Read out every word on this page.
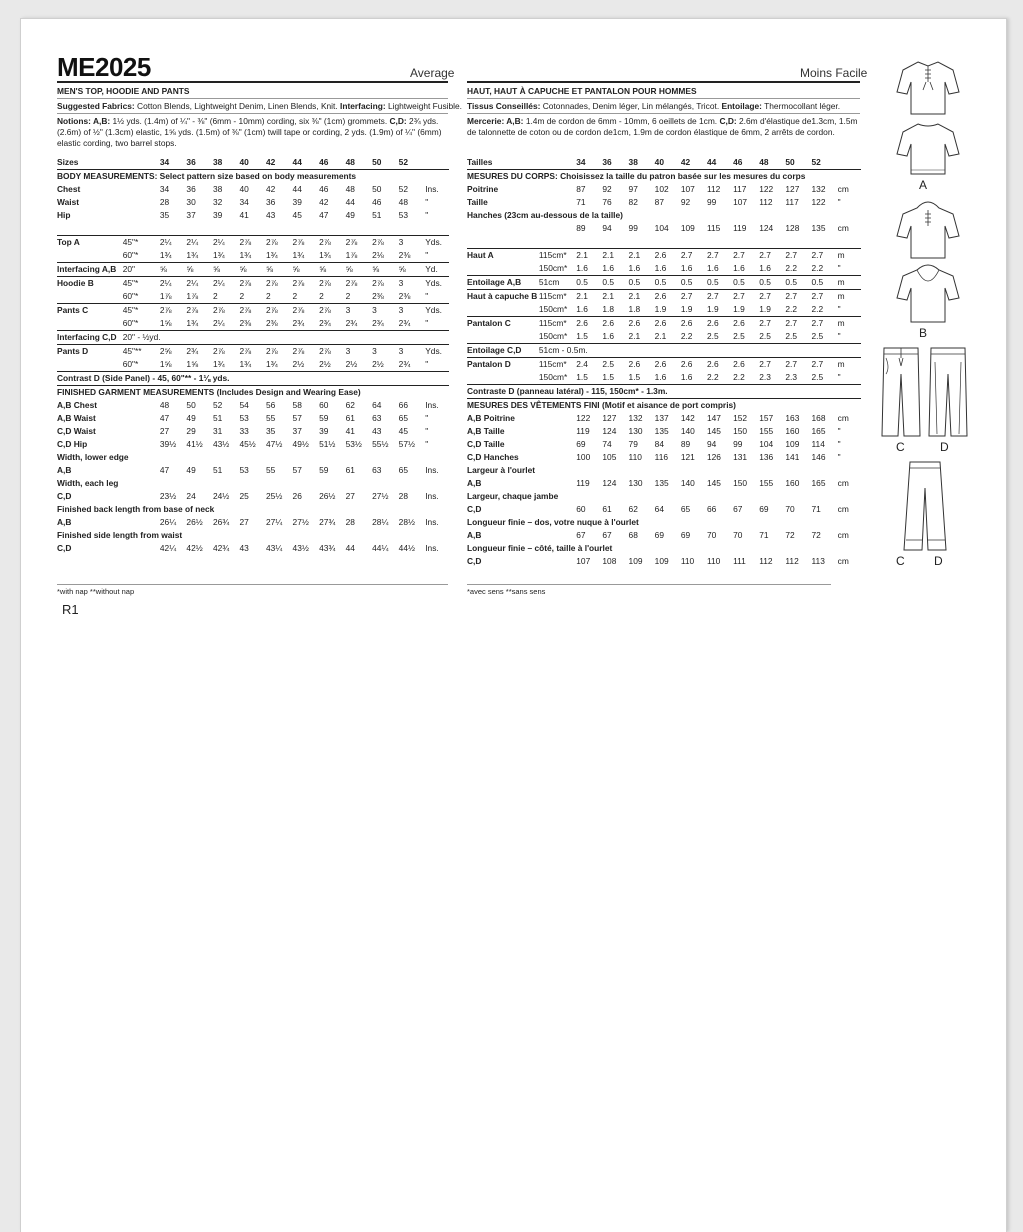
ME2025	Average	Moins Facile
MEN'S TOP, HOODIE AND PANTS
Suggested Fabrics: Cotton Blends, Lightweight Denim, Linen Blends, Knit. Interfacing: Lightweight Fusible.
Notions: A,B: 1½ yds. (1.4m) of ¼" - ⅜" (6mm - 10mm) cording, six ⅜" (1cm) grommets. C,D: 2¾ yds. (2.6m) of ½" (1.3cm) elastic, 1⅝ yds. (1.5m) of ⅜" (1cm) twill tape or cording, 2 yds. (1.9m) of ¼" (6mm) elastic cording, two barrel stops.
HAUT, HAUT À CAPUCHE ET PANTALON POUR HOMMES
Tissus Conseillés: Cotonnades, Denim léger, Lin mélangés, Tricot. Entoilage: Thermocollant léger.
Mercerie: A,B: 1.4m de cordon de 6mm - 10mm, 6 oeillets de 1cm. C,D: 2.6m d'élastique de1.3cm, 1.5m de talonnette de coton ou de cordon de1cm, 1.9m de cordon élastique de 6mm, 2 arrêts de cordon.
Sizes		34	36	38	40	42	44	46	48	50	52	
BODY MEASUREMENTS: Select pattern size based on body measurements												
Chest		34	36	38	40	42	44	46	48	50	52	Ins.
Waist		28	30	32	34	36	39	42	44	46	48	"
Hip		35	37	39	41	43	45	47	49	51	53	"

Top A	45"*	2¼	2¼	2¼	2⅞	2⅞	2⅞	2⅞	2⅞	2⅞	3	Yds.
	60"*	1¾	1¾	1¾	1¾	1¾	1¾	1¾	1⅞	2⅛	2⅜	"
Interfacing A,B	20"	⅝	⅝	⅝	⅝	⅝	⅝	⅝	⅝	⅝	⅝	Yd.
Hoodie B	45"*	2¼	2¼	2¼	2⅞	2⅞	2⅞	2⅞	2⅞	2⅞	3	Yds.
	60"*	1⅞	1⅞	2	2	2	2	2	2	2⅜	2⅜	"
Pants C	45"*	2⅞	2⅞	2⅞	2⅞	2⅞	2⅞	2⅞	3	3	3	Yds.
	60"*	1⅝	1¾	2¼	2⅜	2⅜	2¾	2¾	2¾	2¾	2¾	"
Interfacing C,D	20" - ½yd.											
Pants D	45"**	2⅝	2¾	2⅞	2⅞	2⅞	2⅞	2⅞	3	3	3	Yds.
	60"*	1⅝	1⅝	1¾	1¾	1¾	2½	2½	2½	2½	2¾	"
Contrast D (Side Panel) - 45, 60"** - 1⅛ yds.												
FINISHED GARMENT MEASUREMENTS (Includes Design and Wearing Ease)												
A,B Chest		48	50	52	54	56	58	60	62	64	66	Ins.
A,B Waist		47	49	51	53	55	57	59	61	63	65	"
C,D Waist		27	29	31	33	35	37	39	41	43	45	"
C,D Hip		39½	41½	43½	45½	47½	49½	51½	53½	55½	57½	"
Width, lower edge												
A,B		47	49	51	53	55	57	59	61	63	65	Ins.
Width, each leg												
C,D		23½	24	24½	25	25½	26	26½	27	27½	28	Ins.
Finished back length from base of neck												
A,B		26¼	26½	26¾	27	27¼	27½	27¾	28	28¼	28½	Ins.
Finished side length from waist												
C,D		42¼	42½	42¾	43	43¼	43½	43¾	44	44¼	44½	Ins.
Tailles		34	36	38	40	42	44	46	48	50	52	
MESURES DU CORPS: Choisissez la taille du patron basée sur les mesures du corps												
Poitrine		87	92	97	102	107	112	117	122	127	132	cm
Taille		71	76	82	87	92	99	107	112	117	122	"
Hanches (23cm au-dessous de la taille)												
		89	94	99	104	109	115	119	124	128	135	cm

Haut A	115cm*	2.1	2.1	2.1	2.6	2.7	2.7	2.7	2.7	2.7	2.7	m
	150cm*	1.6	1.6	1.6	1.6	1.6	1.6	1.6	1.6	2.2	2.2	"
Entoilage A,B	51cm	0.5	0.5	0.5	0.5	0.5	0.5	0.5	0.5	0.5	0.5	m
Haut à capuche B	115cm*	2.1	2.1	2.1	2.6	2.7	2.7	2.7	2.7	2.7	2.7	m
	150cm*	1.6	1.8	1.8	1.9	1.9	1.9	1.9	1.9	2.2	2.2	"
Pantalon C	115cm*	2.6	2.6	2.6	2.6	2.6	2.6	2.6	2.7	2.7	2.7	m
	150cm*	1.5	1.6	2.1	2.1	2.2	2.5	2.5	2.5	2.5	2.5	"
Entoilage C,D	51cm - 0.5m.											
Pantalon D	115cm*	2.4	2.5	2.6	2.6	2.6	2.6	2.6	2.7	2.7	2.7	m
	150cm*	1.5	1.5	1.5	1.6	1.6	2.2	2.2	2.3	2.3	2.5	"
Contraste D (panneau latéral) - 115, 150cm* - 1.3m.												
MESURES DES VÊTEMENTS FINI (Motif et aisance de port compris)												
A,B Poitrine		122	127	132	137	142	147	152	157	163	168	cm
A,B Taille		119	124	130	135	140	145	150	155	160	165	"
C,D Taille		69	74	79	84	89	94	99	104	109	114	"
C,D Hanches		100	105	110	116	121	126	131	136	141	146	"
Largeur à l'ourlet												
A,B		119	124	130	135	140	145	150	155	160	165	cm
Largeur, chaque jambe												
C,D		60	61	62	64	65	66	67	69	70	71	cm
Longueur finie – dos, votre nuque à l'ourlet												
A,B		67	67	68	69	69	70	70	71	72	72	cm
Longueur finie – côté, taille à l'ourlet												
C,D		107	108	109	109	110	110	111	112	112	113	cm
*with nap **without nap	*avec sens **sans sens
R1
A
B
C	D
C D
